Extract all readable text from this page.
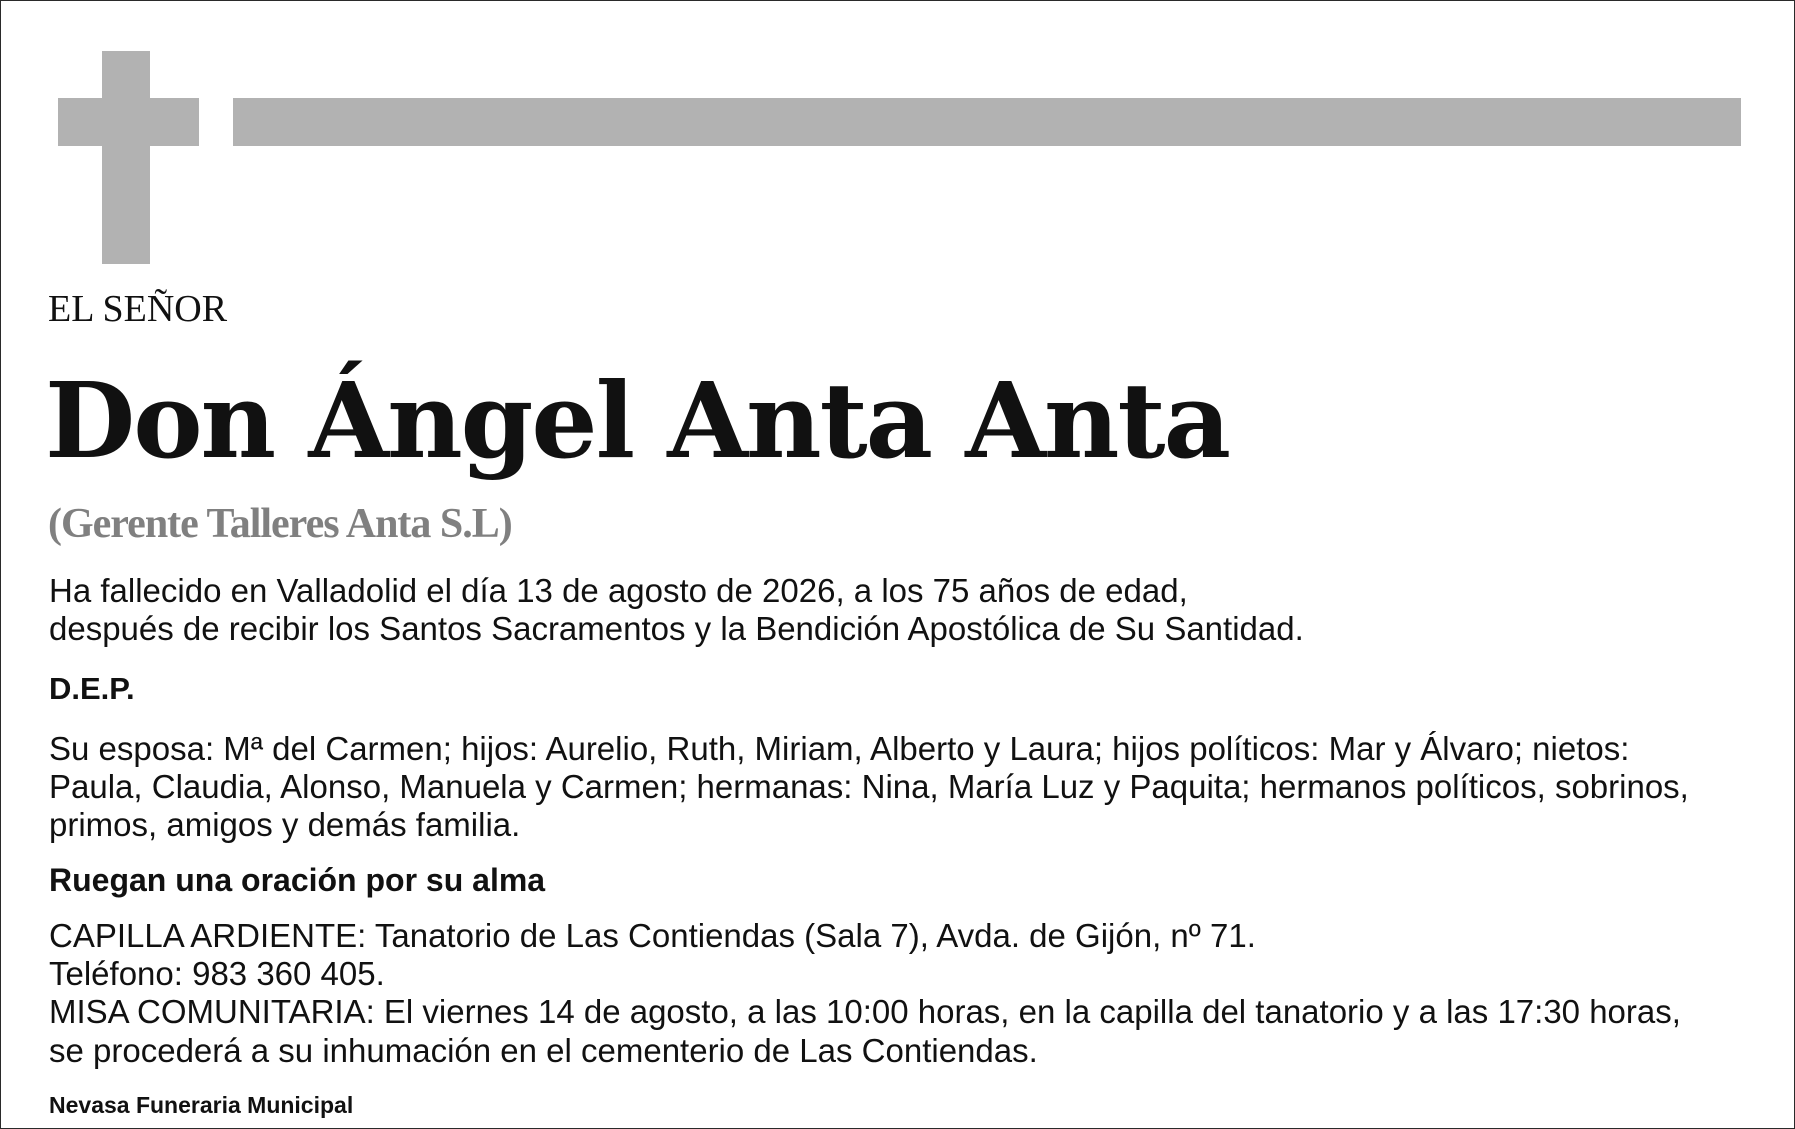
EL SEÑOR
Don Ángel Anta Anta
(Gerente Talleres Anta S.L)
Ha fallecido en Valladolid el día 13 de agosto de 2026, a los 75 años de edad,
después de recibir los Santos Sacramentos y la Bendición Apostólica de Su Santidad.
D.E.P.
Su esposa: Mª del Carmen; hijos: Aurelio, Ruth, Miriam, Alberto y Laura; hijos políticos: Mar y Álvaro; nietos:
Paula, Claudia, Alonso, Manuela y Carmen; hermanas: Nina, María Luz y Paquita; hermanos políticos, sobrinos,
primos, amigos y demás familia.
Ruegan una oración por su alma
CAPILLA ARDIENTE: Tanatorio de Las Contiendas (Sala 7), Avda. de Gijón, nº 71.
Teléfono: 983 360 405.
MISA COMUNITARIA: El viernes 14 de agosto, a las 10:00 horas, en la capilla del tanatorio y a las 17:30 horas,
se procederá a su inhumación en el cementerio de Las Contiendas.
Nevasa Funeraria Municipal
